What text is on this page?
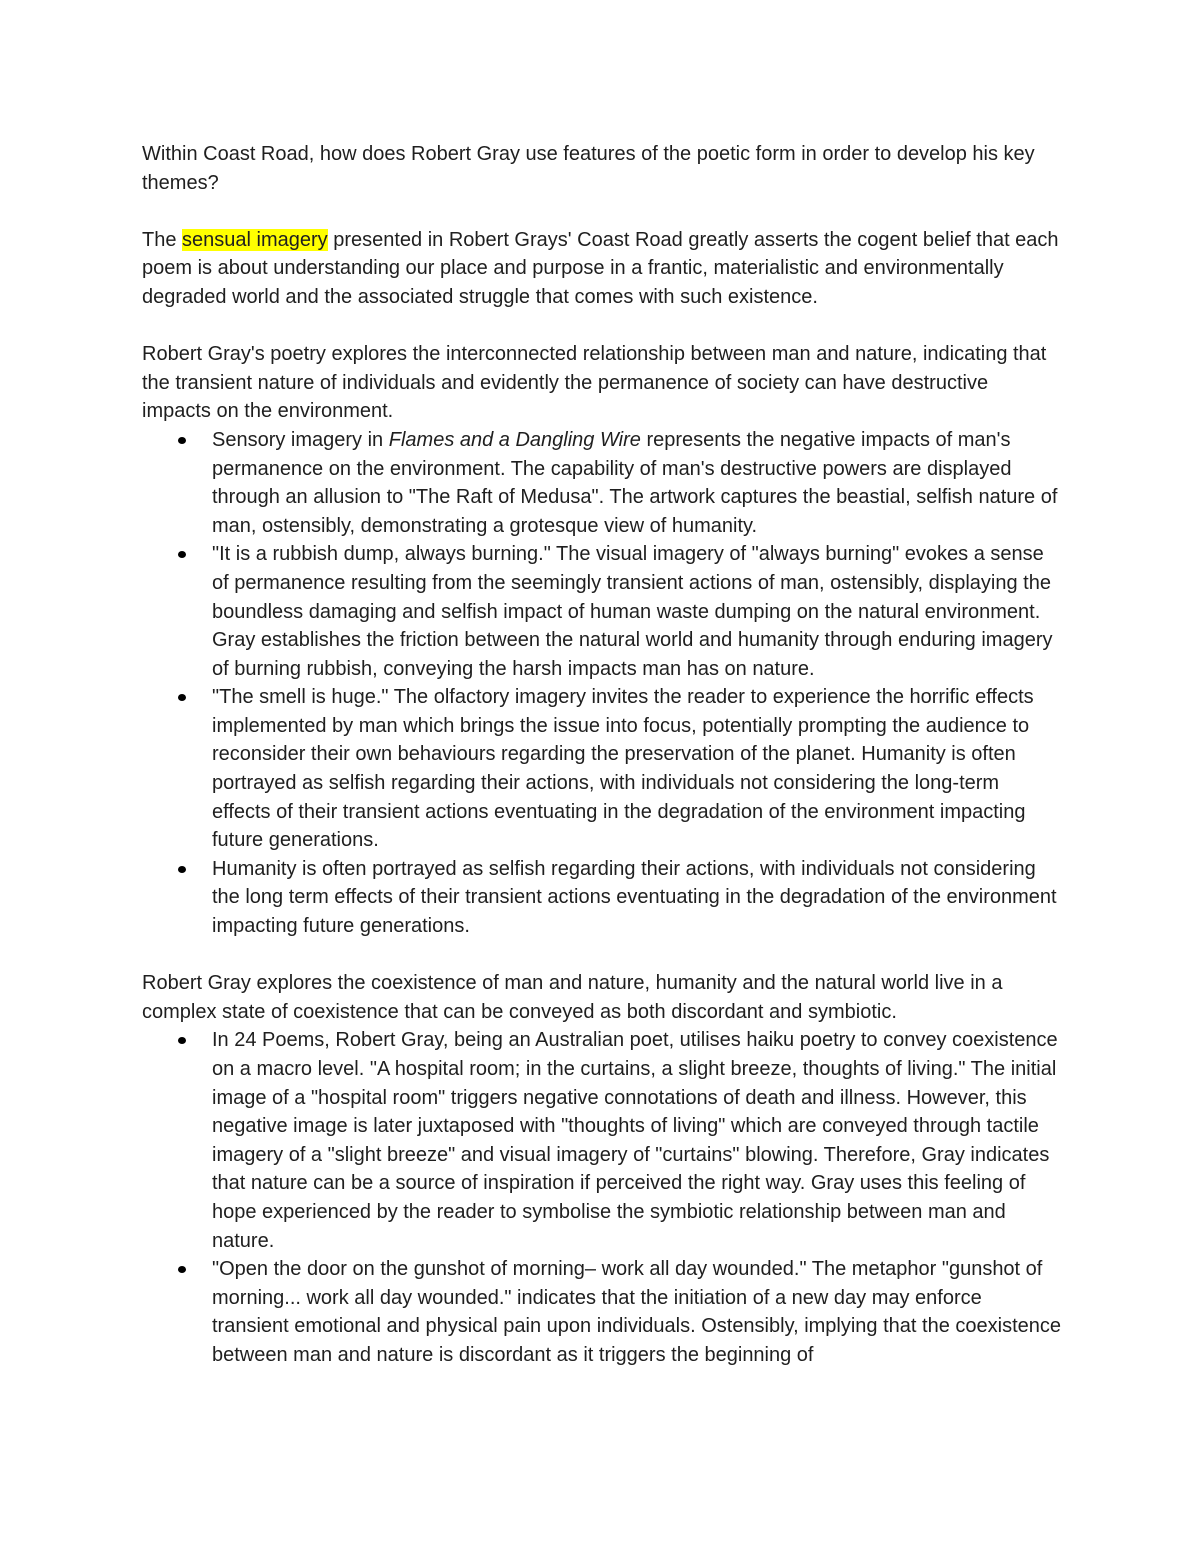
Within Coast Road, how does Robert Gray use features of the poetic form in order to develop his key themes?

The sensual imagery presented in Robert Grays' Coast Road greatly asserts the cogent belief that each poem is about understanding our place and purpose in a frantic, materialistic and environmentally degraded world and the associated struggle that comes with such existence.

Robert Gray's poetry explores the interconnected relationship between man and nature, indicating that the transient nature of individuals and evidently the permanence of society can have destructive impacts on the environment.

Sensory imagery in Flames and a Dangling Wire represents the negative impacts of man's permanence on the environment. The capability of man's destructive powers are displayed through an allusion to "The Raft of Medusa". The artwork captures the beastial, selfish nature of man, ostensibly, demonstrating a grotesque view of humanity.
"It is a rubbish dump, always burning." The visual imagery of "always burning" evokes a sense of permanence resulting from the seemingly transient actions of man, ostensibly, displaying the boundless damaging and selfish impact of human waste dumping on the natural environment. Gray establishes the friction between the natural world and humanity through enduring imagery of burning rubbish, conveying the harsh impacts man has on nature.
"The smell is huge." The olfactory imagery invites the reader to experience the horrific effects implemented by man which brings the issue into focus, potentially prompting the audience to reconsider their own behaviours regarding the preservation of the planet. Humanity is often portrayed as selfish regarding their actions, with individuals not considering the long-term effects of their transient actions eventuating in the degradation of the environment impacting future generations.
Humanity is often portrayed as selfish regarding their actions, with individuals not considering the long term effects of their transient actions eventuating in the degradation of the environment impacting future generations.

Robert Gray explores the coexistence of man and nature, humanity and the natural world live in a complex state of coexistence that can be conveyed as both discordant and symbiotic.

In 24 Poems, Robert Gray, being an Australian poet, utilises haiku poetry to convey coexistence on a macro level. "A hospital room; in the curtains, a slight breeze, thoughts of living." The initial image of a "hospital room" triggers negative connotations of death and illness. However, this negative image is later juxtaposed with "thoughts of living" which are conveyed through tactile imagery of a "slight breeze" and visual imagery of "curtains" blowing. Therefore, Gray indicates that nature can be a source of inspiration if perceived the right way. Gray uses this feeling of hope experienced by the reader to symbolise the symbiotic relationship between man and nature.
"Open the door on the gunshot of morning– work all day wounded." The metaphor "gunshot of morning... work all day wounded." indicates that the initiation of a new day may enforce transient emotional and physical pain upon individuals. Ostensibly, implying that the coexistence between man and nature is discordant as it triggers the beginning of
